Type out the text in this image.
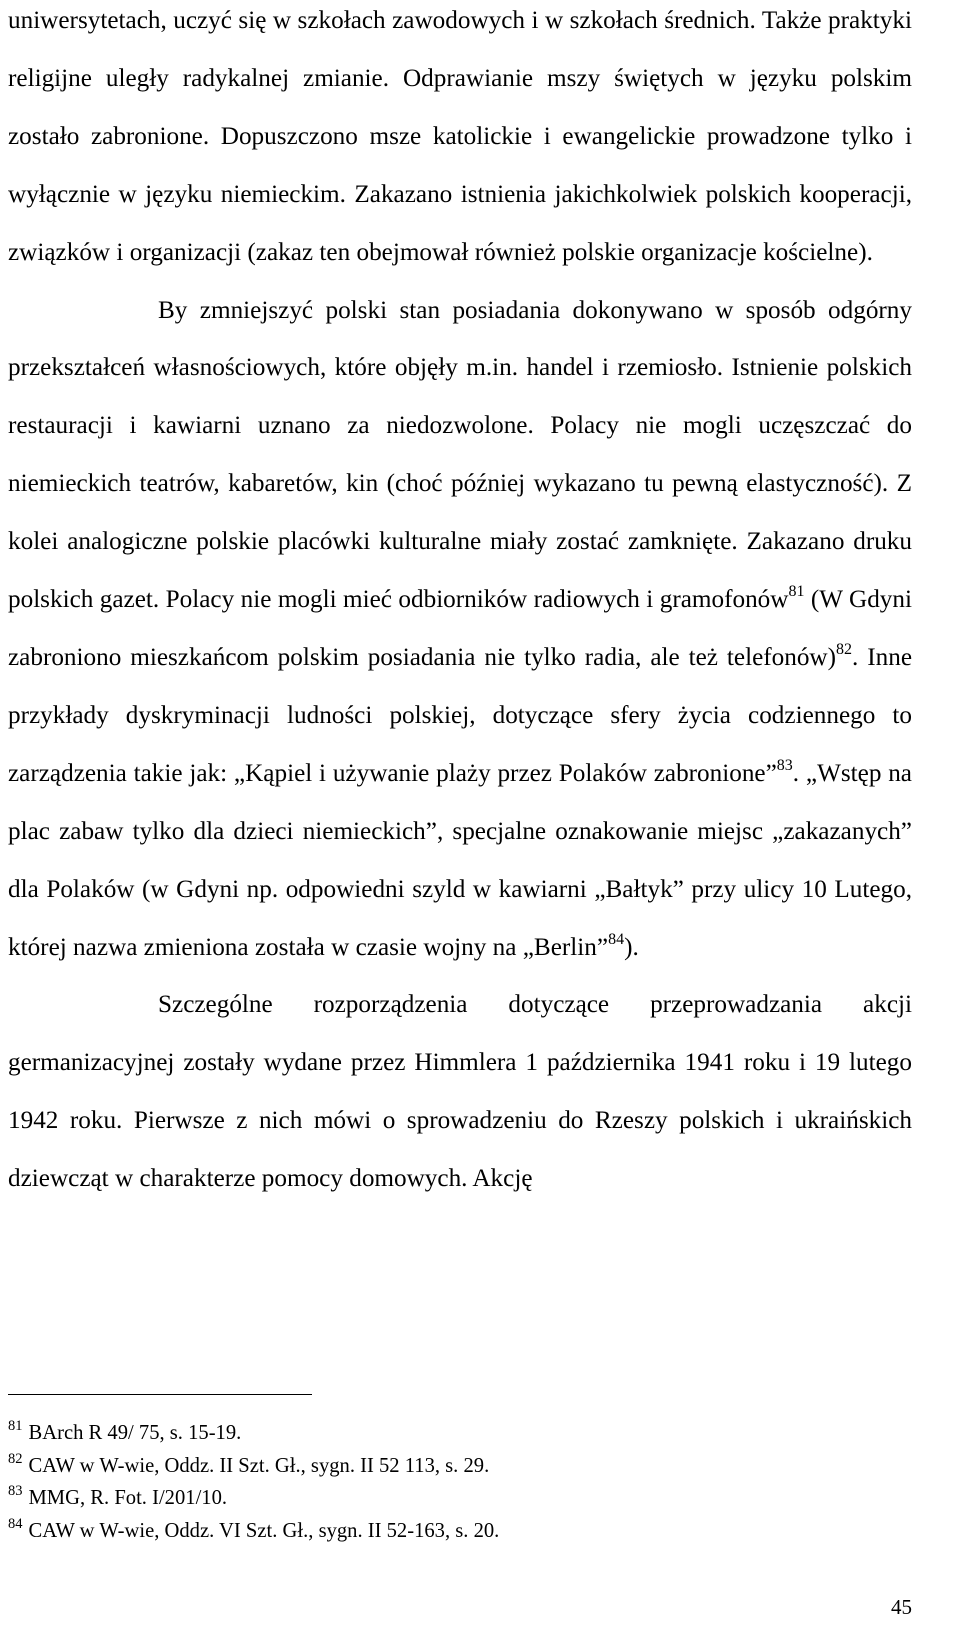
uniwersytetach, uczyć się w szkołach zawodowych i w szkołach średnich. Także praktyki religijne uległy radykalnej zmianie. Odprawianie mszy świętych w języku polskim zostało zabronione. Dopuszczono msze katolickie i ewangelickie prowadzone tylko i wyłącznie w języku niemieckim. Zakazano istnienia jakichkolwiek polskich kooperacji, związków i organizacji (zakaz ten obejmował również polskie organizacje kościelne).

By zmniejszyć polski stan posiadania dokonywano w sposób odgórny przekształceń własnościowych, które objęły m.in. handel i rzemiosło. Istnienie polskich restauracji i kawiarni uznano za niedozwolone. Polacy nie mogli uczęszczać do niemieckich teatrów, kabaretów, kin (choć później wykazano tu pewną elastyczność). Z kolei analogiczne polskie placówki kulturalne miały zostać zamknięte. Zakazano druku polskich gazet. Polacy nie mogli mieć odbiorników radiowych i gramofonów$^{81}$ (W Gdyni zabroniono mieszkańcom polskim posiadania nie tylko radia, ale też telefonów)$^{82}$. Inne przykłady dyskryminacji ludności polskiej, dotyczące sfery życia codziennego to zarządzenia takie jak: „Kąpiel i używanie plaży przez Polaków zabronione”$^{83}$. „Wstęp na plac zabaw tylko dla dzieci niemieckich”, specjalne oznakowanie miejsc „zakazanych” dla Polaków (w Gdyni np. odpowiedni szyld w kawiarni „Bałtyk” przy ulicy 10 Lutego, której nazwa zmieniona została w czasie wojny na „Berlin”$^{84}$).

Szczególne rozporządzenia dotyczące przeprowadzania akcji germanizacyjnej zostały wydane przez Himmlera 1 października 1941 roku i 19 lutego 1942 roku. Pierwsze z nich mówi o sprowadzeniu do Rzeszy polskich i ukraińskich dziewcząt w charakterze pomocy domowych. Akcję

$^{81}$ BArch R 49/ 75, s. 15-19.
$^{82}$ CAW w W-wie, Oddz. II Szt. Gł., sygn. II 52 113, s. 29.
$^{83}$ MMG, R. Fot. I/201/10.
$^{84}$ CAW w W-wie, Oddz. VI Szt. Gł., sygn. II 52-163, s. 20.
45
